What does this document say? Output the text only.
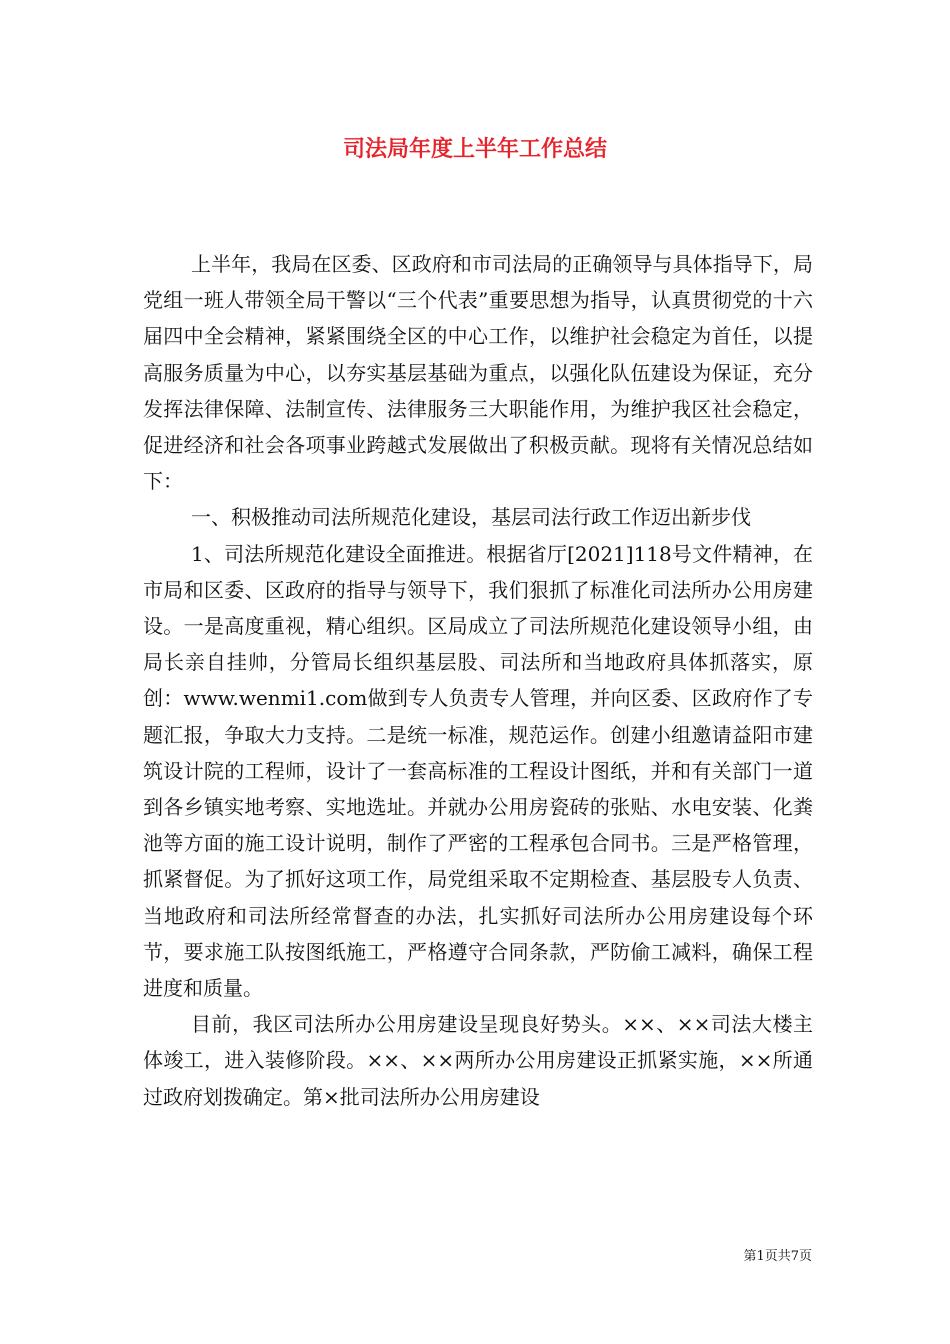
司法局年度上半年工作总结

上半年，我局在区委、区政府和市司法局的正确领导与具体指导下，局党组一班人带领全局干警以“三个代表”重要思想为指导，认真贯彻党的十六届四中全会精神，紧紧围绕全区的中心工作，以维护社会稳定为首任，以提高服务质量为中心，以夯实基层基础为重点，以强化队伍建设为保证，充分发挥法律保障、法制宣传、法律服务三大职能作用，为维护我区社会稳定，促进经济和社会各项事业跨越式发展做出了积极贡献。现将有关情况总结如下：

一、积极推动司法所规范化建设，基层司法行政工作迈出新步伐

1、司法所规范化建设全面推进。根据省厅[2021]118号文件精神，在市局和区委、区政府的指导与领导下，我们狠抓了标准化司法所办公用房建设。一是高度重视，精心组织。区局成立了司法所规范化建设领导小组，由局长亲自挂帅，分管局长组织基层股、司法所和当地政府具体抓落实，原创：www.wenmi1.com做到专人负责专人管理，并向区委、区政府作了专题汇报，争取大力支持。二是统一标准，规范运作。创建小组邀请益阳市建筑设计院的工程师，设计了一套高标准的工程设计图纸，并和有关部门一道到各乡镇实地考察、实地选址。并就办公用房瓷砖的张贴、水电安装、化粪池等方面的施工设计说明，制作了严密的工程承包合同书。三是严格管理，抓紧督促。为了抓好这项工作，局党组采取不定期检查、基层股专人负责、当地政府和司法所经常督查的办法，扎实抓好司法所办公用房建设每个环节，要求施工队按图纸施工，严格遵守合同条款，严防偷工减料，确保工程进度和质量。

目前，我区司法所办公用房建设呈现良好势头。××、××司法大楼主体竣工，进入装修阶段。××、××两所办公用房建设正抓紧实施，××所通过政府划拨确定。第×批司法所办公用房建设

第1页共7页
